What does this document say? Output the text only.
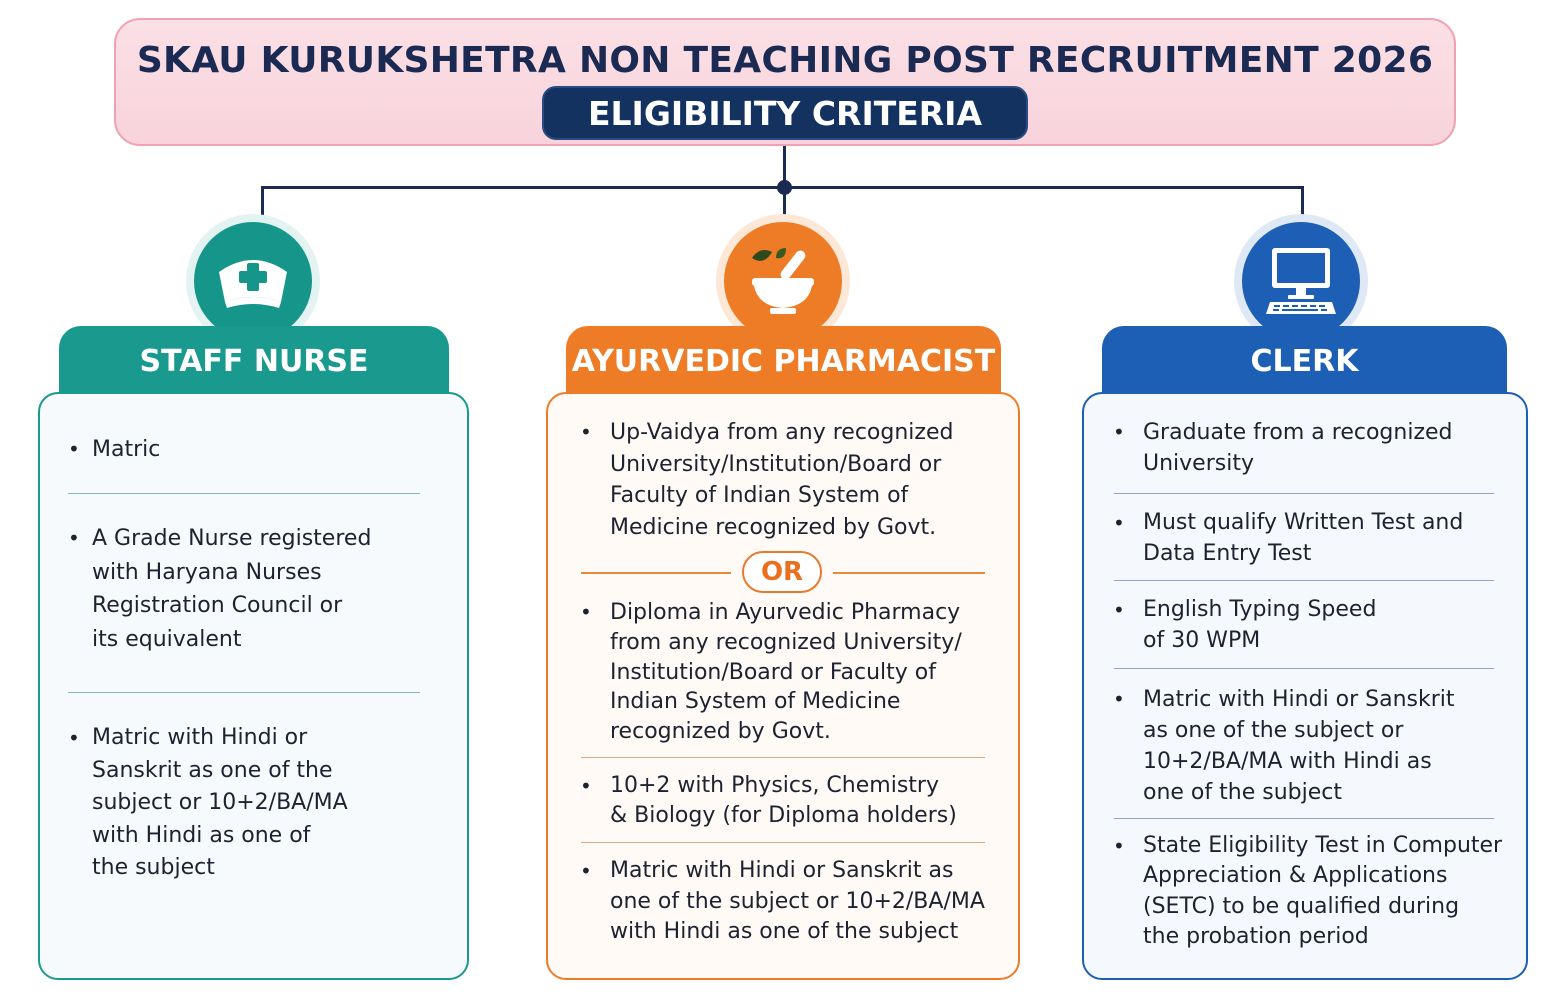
SKAU KURUKSHETRA NON TEACHING POST RECRUITMENT 2026
ELIGIBILITY CRITERIA
STAFF NURSE
• Matric
• A Grade Nurse registered
with Haryana Nurses
Registration Council or
its equivalent
• Matric with Hindi or
Sanskrit as one of the
subject or 10+2/BA/MA
with Hindi as one of
the subject
AYURVEDIC PHARMACIST
• Up-Vaidya from any recognized
University/Institution/Board or
Faculty of Indian System of
Medicine recognized by Govt.
OR
• Diploma in Ayurvedic Pharmacy
from any recognized University/
Institution/Board or Faculty of
Indian System of Medicine
recognized by Govt.
• 10+2 with Physics, Chemistry
& Biology (for Diploma holders)
• Matric with Hindi or Sanskrit as
one of the subject or 10+2/BA/MA
with Hindi as one of the subject
CLERK
• Graduate from a recognized
University
• Must qualify Written Test and
Data Entry Test
• English Typing Speed
of 30 WPM
• Matric with Hindi or Sanskrit
as one of the subject or
10+2/BA/MA with Hindi as
one of the subject
• State Eligibility Test in Computer
Appreciation & Applications
(SETC) to be qualified during
the probation period
